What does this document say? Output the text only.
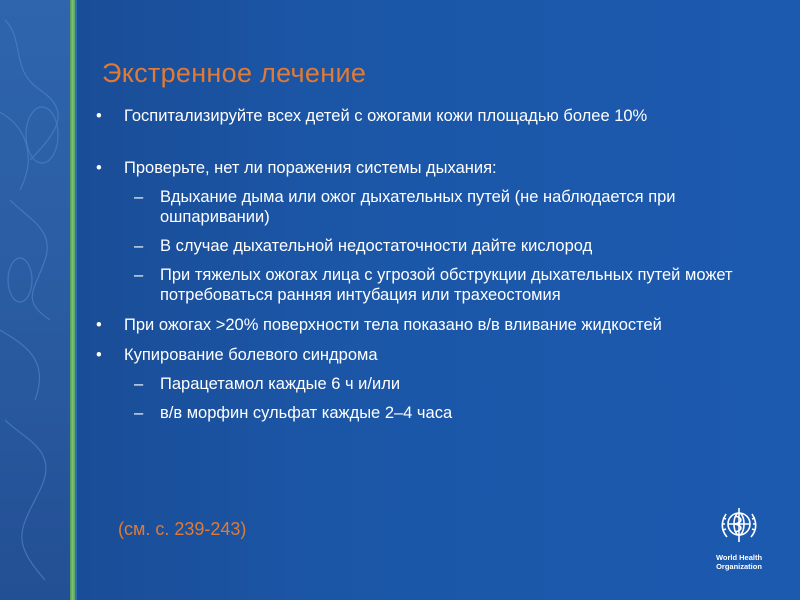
Экстренное лечение
•	Госпитализируйте всех детей с ожогами кожи площадью более 10%
•	Проверьте, нет ли поражения системы дыхания:
–	Вдыхание дыма или ожог дыхательных путей (не наблюдается при ошпаривании)
–	В случае дыхательной недостаточности дайте кислород
–	При тяжелых ожогах лица с угрозой обструкции дыхательных путей может потребоваться ранняя интубация или трахеостомия
•	При ожогах >20% поверхности тела показано в/в вливание жидкостей
•	Купирование болевого синдрома
–	Парацетамол каждые 6 ч и/или
–	в/в морфин сульфат каждые 2–4 часа
(см. с. 239-243)
World Health
Organization
